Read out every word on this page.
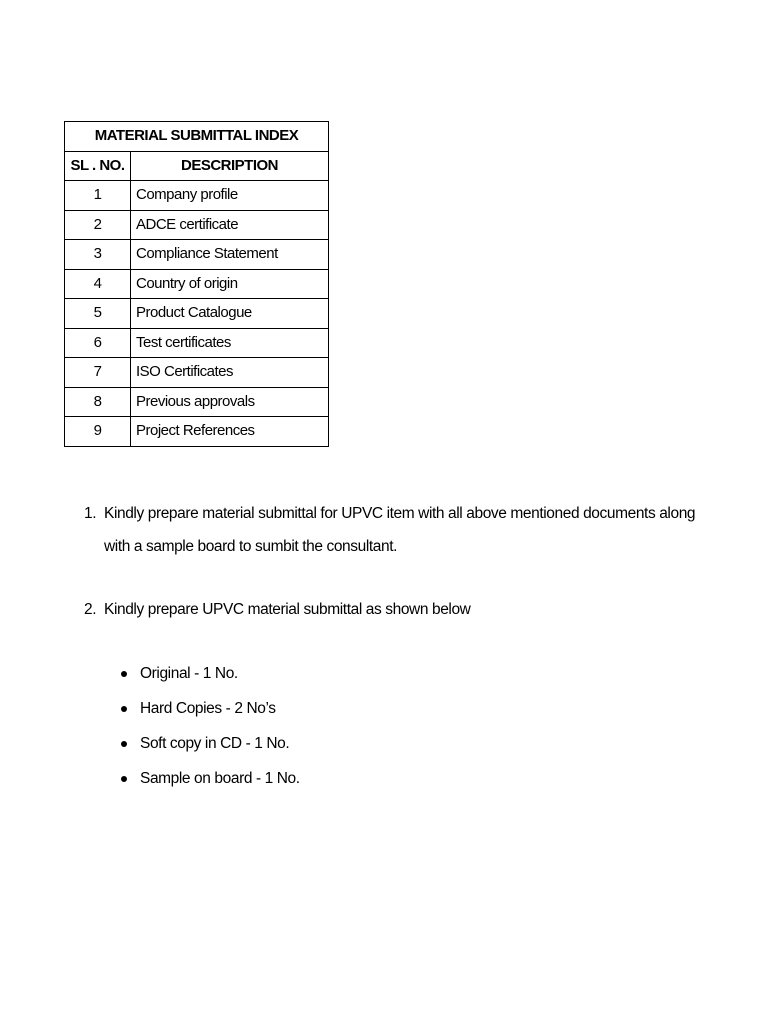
MATERIAL SUBMITTAL INDEX	
SL . NO.	DESCRIPTION
1	Company profile
2	ADCE certificate
3	Compliance Statement
4	Country of origin
5	Product Catalogue
6	Test certificates
7	ISO Certificates
8	Previous approvals
9	Project References
1. Kindly prepare material submittal for UPVC item with all above mentioned documents along with a sample board to sumbit the consultant.
2. Kindly prepare UPVC material submittal as shown below
Original - 1 No.
Hard Copies - 2 No’s
Soft copy in CD - 1 No.
Sample on board - 1 No.
